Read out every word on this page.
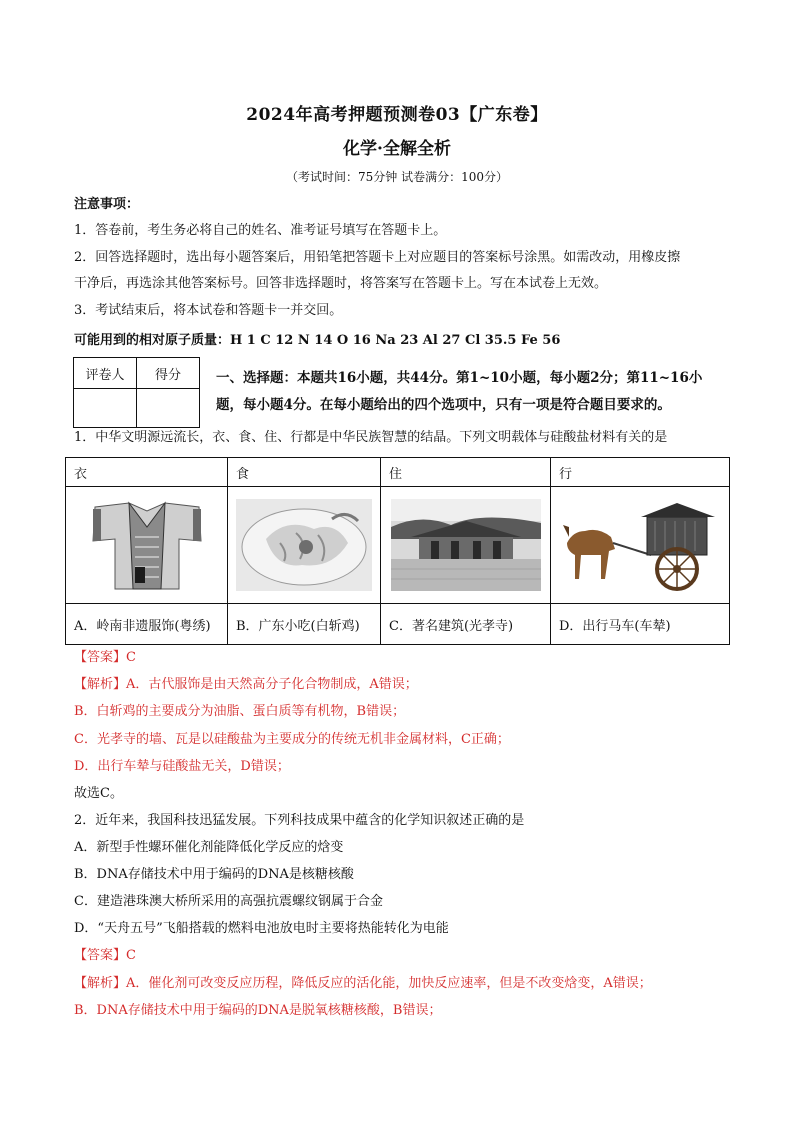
2024年高考押题预测卷03【广东卷】
化学·全解全析
（考试时间：75分钟 试卷满分：100分）
注意事项：
1．答卷前，考生务必将自己的姓名、准考证号填写在答题卡上。
2．回答选择题时，选出每小题答案后，用铅笔把答题卡上对应题目的答案标号涂黑。如需改动，用橡皮擦
干净后，再选涂其他答案标号。回答非选择题时，将答案写在答题卡上。写在本试卷上无效。
3．考试结束后，将本试卷和答题卡一并交回。
可能用到的相对原子质量：H 1 C 12 N 14 O 16 Na 23 Al 27 Cl 35.5 Fe 56
评卷人	得分
		一、选择题：本题共16小题，共44分。第1~10小题，每小题2分；第11~16小
题，每小题4分。在每小题给出的四个选项中，只有一项是符合题目要求的。
1．中华文明源远流长，衣、食、住、行都是中华民族智慧的结晶。下列文明载体与硅酸盐材料有关的是
衣	食	住	行

A．岭南非遗服饰(粤绣)	B．广东小吃(白斩鸡)	C．著名建筑(光孝寺)	D．出行马车(车辇)
【答案】C
【解析】A．古代服饰是由天然高分子化合物制成，A错误；
B．白斩鸡的主要成分为油脂、蛋白质等有机物，B错误；
C．光孝寺的墙、瓦是以硅酸盐为主要成分的传统无机非金属材料，C正确；
D．出行车辇与硅酸盐无关，D错误；
故选C。
2．近年来，我国科技迅猛发展。下列科技成果中蕴含的化学知识叙述正确的是
A．新型手性螺环催化剂能降低化学反应的焓变
B．DNA存储技术中用于编码的DNA是核糖核酸
C．建造港珠澳大桥所采用的高强抗震螺纹钢属于合金
D．“天舟五号”飞船搭载的燃料电池放电时主要将热能转化为电能
【答案】C
【解析】A．催化剂可改变反应历程，降低反应的活化能，加快反应速率，但是不改变焓变，A错误；
B．DNA存储技术中用于编码的DNA是脱氧核糖核酸，B错误；
